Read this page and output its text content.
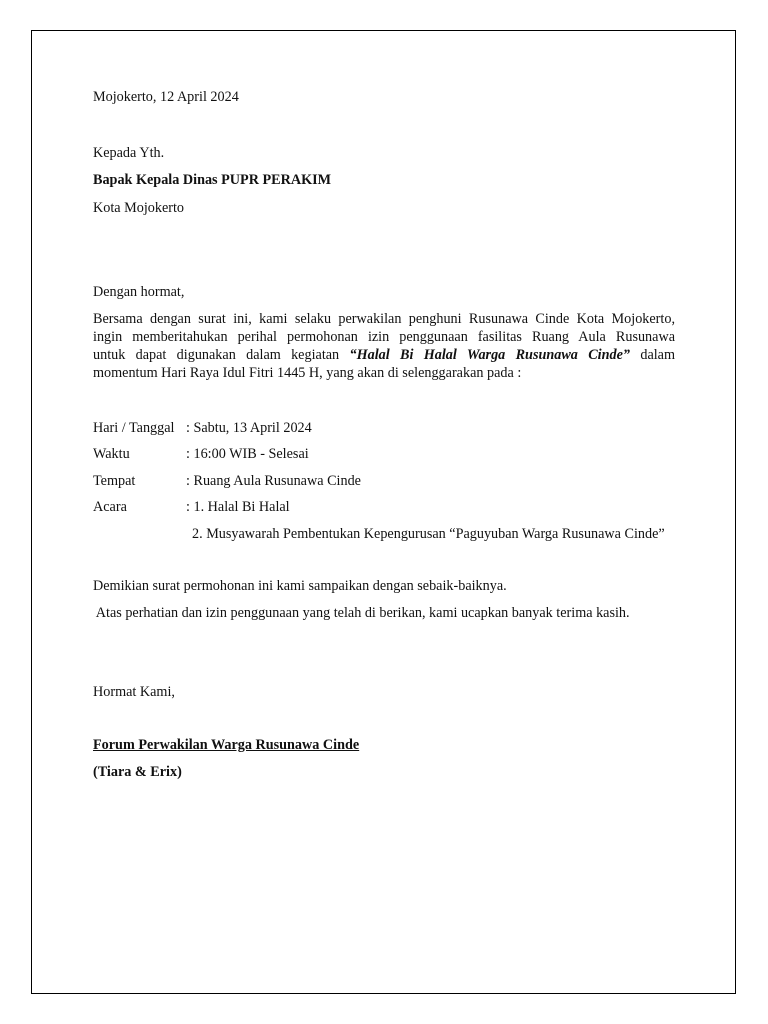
Mojokerto, 12 April 2024
Kepada Yth.
Bapak Kepala Dinas PUPR PERAKIM
Kota Mojokerto
Dengan hormat,
Bersama dengan surat ini, kami selaku perwakilan penghuni Rusunawa Cinde Kota Mojokerto,
ingin memberitahukan perihal permohonan izin penggunaan fasilitas Ruang Aula Rusunawa
untuk dapat digunakan dalam kegiatan “Halal Bi Halal Warga Rusunawa Cinde” dalam
momentum Hari Raya Idul Fitri 1445 H, yang akan di selenggarakan pada :
Hari / Tanggal : Sabtu, 13 April 2024
Waktu	: 16:00 WIB - Selesai
Tempat	: Ruang Aula Rusunawa Cinde
Acara	: 1. Halal Bi Halal
2. Musyawarah Pembentukan Kepengurusan “Paguyuban Warga Rusunawa Cinde”
Demikian surat permohonan ini kami sampaikan dengan sebaik-baiknya.
Atas perhatian dan izin penggunaan yang telah di berikan, kami ucapkan banyak terima kasih.
Hormat Kami,
Forum Perwakilan Warga Rusunawa Cinde
(Tiara & Erix)
